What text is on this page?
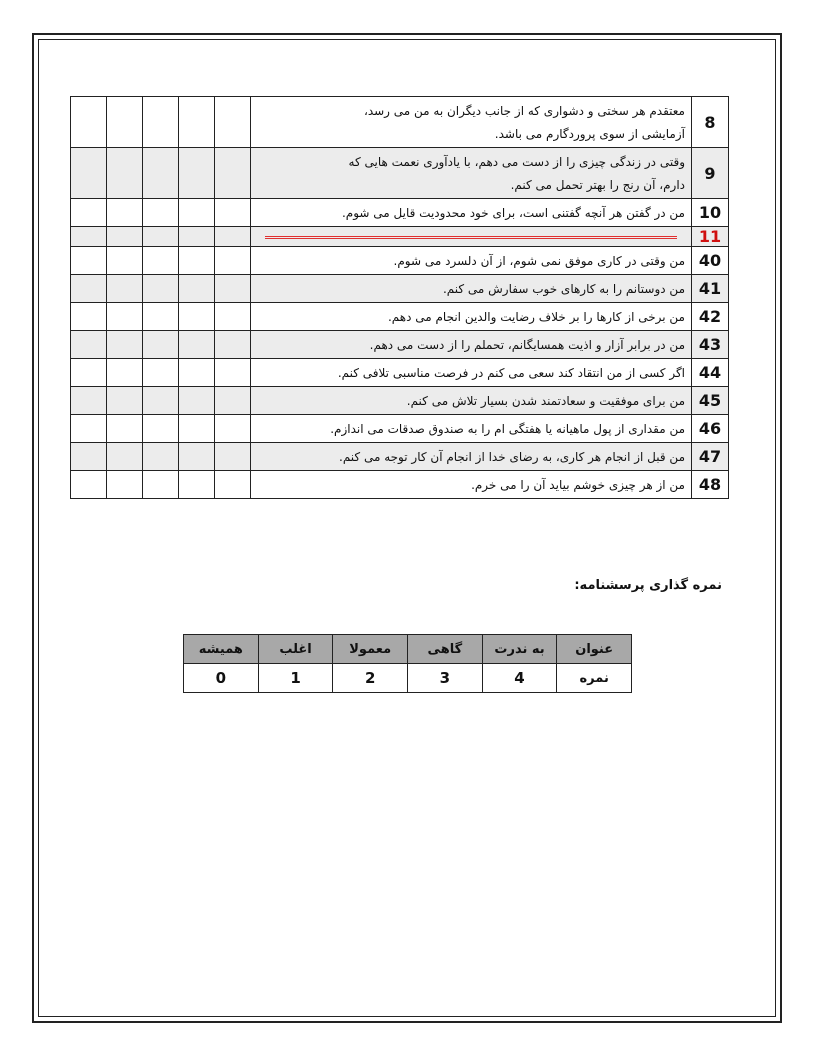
8	معتقدم هر سختی و دشواری که از جانب دیگران به من می رسد،
آزمایشی از سوی پروردگارم می باشد.					

9	وقتی در زندگی چیزی را از دست می دهم، با یادآوری نعمت هایی که
دارم، آن رنج را بهتر تحمل می کنم.					

10	من در گفتن هر آنچه گفتنی است، برای خود محدودیت قایل می شوم.					

11	

40	من وقتی در کاری موفق نمی شوم، از آن دلسرد می شوم.					

41	من دوستانم را به کارهای خوب سفارش می کنم.					

42	من برخی از کارها را بر خلاف رضایت والدین انجام می دهم.					

43	من در برابر آزار و اذیت همسایگانم، تحملم را از دست می دهم.					

44	اگر کسی از من انتقاد کند سعی می کنم در فرصت مناسبی تلافی کنم.					

45	من برای موفقیت و سعادتمند شدن بسیار تلاش می کنم.					

46	من مقداری از پول ماهیانه یا هفتگی ام را به صندوق صدقات می اندازم.					

47	من قبل از انجام هر کاری، به رضای خدا از انجام آن کار توجه می کنم.					

48	من از هر چیزی خوشم بیاید آن را می خرم.					

نمره گذاری پرسشنامه:
عنوان	به ندرت	گاهی	معمولا	اغلب	همیشه
نمره	4	3	2	1	0
